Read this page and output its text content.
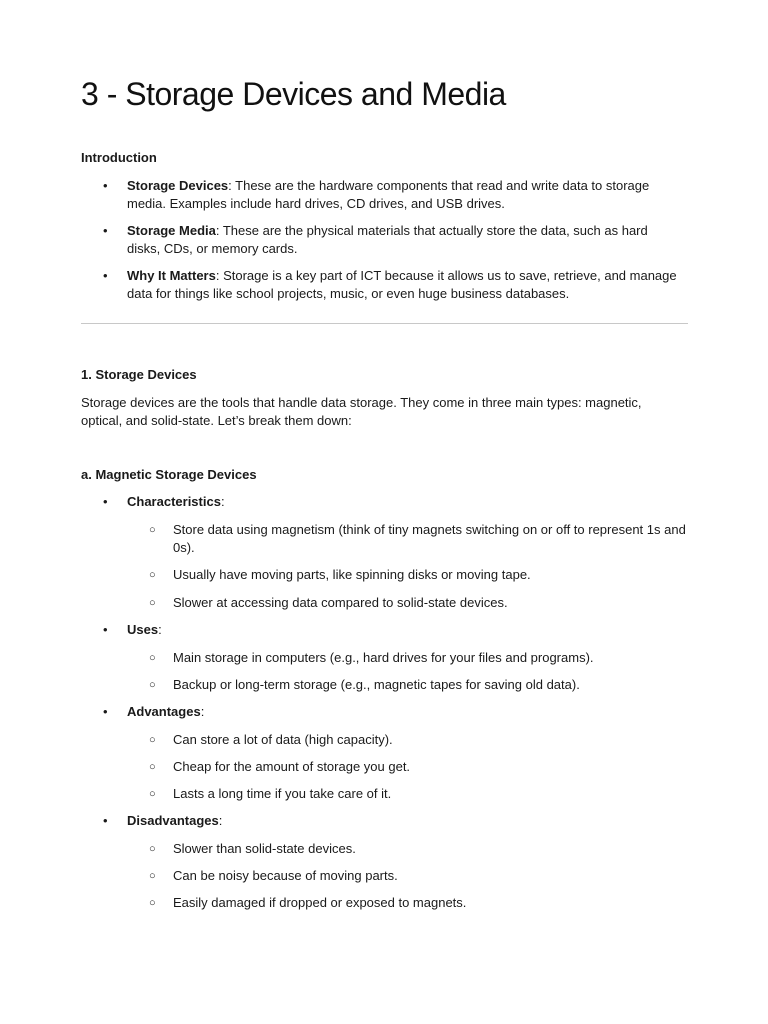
3 - Storage Devices and Media

Introduction

• Storage Devices: These are the hardware components that read and write data to storage media. Examples include hard drives, CD drives, and USB drives.
• Storage Media: These are the physical materials that actually store the data, such as hard disks, CDs, or memory cards.
• Why It Matters: Storage is a key part of ICT because it allows us to save, retrieve, and manage data for things like school projects, music, or even huge business databases.

1. Storage Devices

Storage devices are the tools that handle data storage. They come in three main types: magnetic, optical, and solid-state. Let’s break them down:

a. Magnetic Storage Devices

• Characteristics:
○ Store data using magnetism (think of tiny magnets switching on or off to represent 1s and 0s).
○ Usually have moving parts, like spinning disks or moving tape.
○ Slower at accessing data compared to solid-state devices.
• Uses:
○ Main storage in computers (e.g., hard drives for your files and programs).
○ Backup or long-term storage (e.g., magnetic tapes for saving old data).
• Advantages:
○ Can store a lot of data (high capacity).
○ Cheap for the amount of storage you get.
○ Lasts a long time if you take care of it.
• Disadvantages:
○ Slower than solid-state devices.
○ Can be noisy because of moving parts.
○ Easily damaged if dropped or exposed to magnets.
